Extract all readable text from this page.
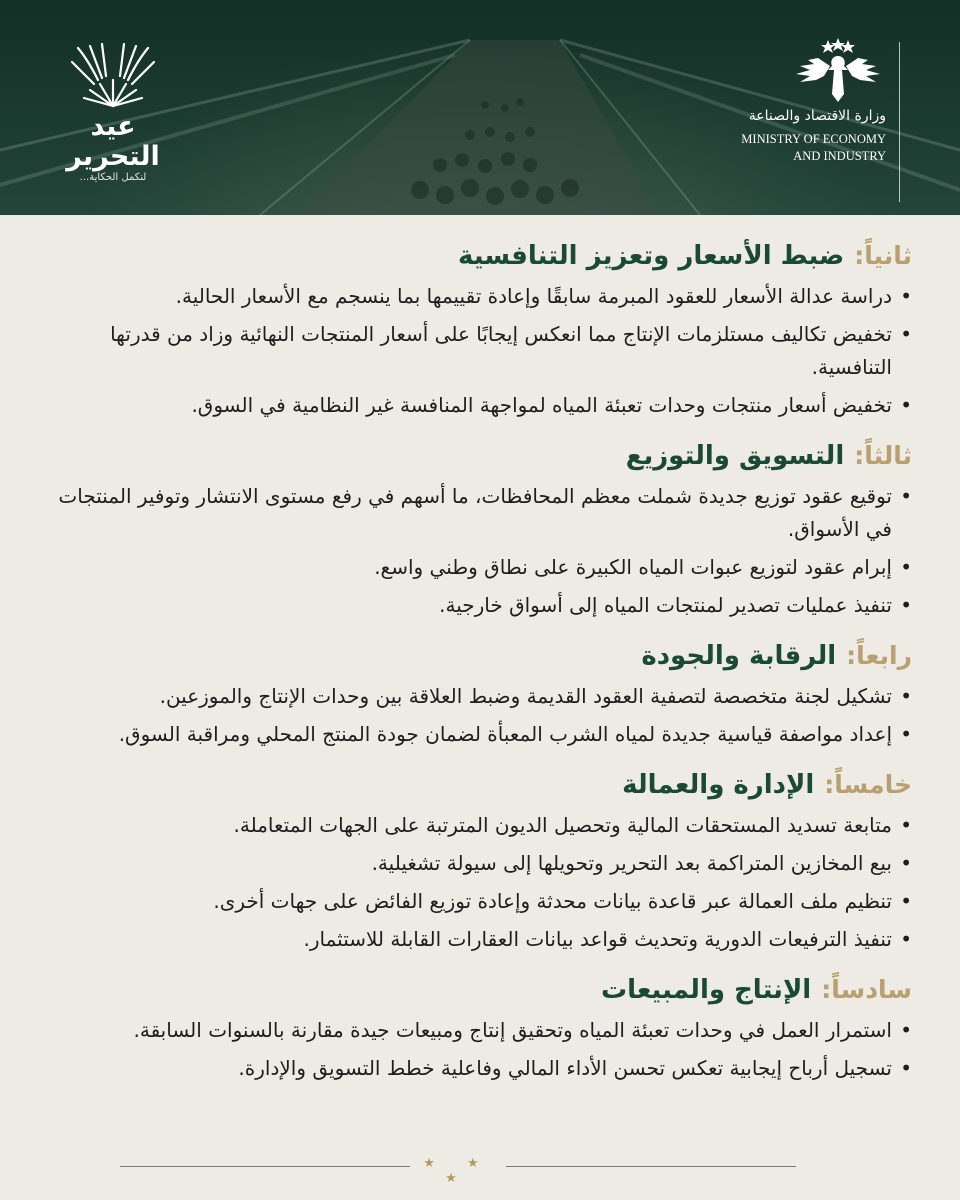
عيد التحرير
لنكمل الحكاية...
وزارة الاقتصاد والصناعة
MINISTRY OF ECONOMY
AND INDUSTRY
ثانياً:
ضبط الأسعار وتعزيز التنافسية
• دراسة عدالة الأسعار للعقود المبرمة سابقًا وإعادة تقييمها بما ينسجم مع الأسعار الحالية.
• تخفيض تكاليف مستلزمات الإنتاج مما انعكس إيجابًا على أسعار المنتجات النهائية وزاد من قدرتها التنافسية.
• تخفيض أسعار منتجات وحدات تعبئة المياه لمواجهة المنافسة غير النظامية في السوق.
ثالثاً:
التسويق والتوزيع
• توقيع عقود توزيع جديدة شملت معظم المحافظات، ما أسهم في رفع مستوى الانتشار وتوفير المنتجات في الأسواق.
• إبرام عقود لتوزيع عبوات المياه الكبيرة على نطاق وطني واسع.
• تنفيذ عمليات تصدير لمنتجات المياه إلى أسواق خارجية.
رابعاً:
الرقابة والجودة
• تشكيل لجنة متخصصة لتصفية العقود القديمة وضبط العلاقة بين وحدات الإنتاج والموزعين.
• إعداد مواصفة قياسية جديدة لمياه الشرب المعبأة لضمان جودة المنتج المحلي ومراقبة السوق.
خامساً:
الإدارة والعمالة
• متابعة تسديد المستحقات المالية وتحصيل الديون المترتبة على الجهات المتعاملة.
• بيع المخازين المتراكمة بعد التحرير وتحويلها إلى سيولة تشغيلية.
• تنظيم ملف العمالة عبر قاعدة بيانات محدثة وإعادة توزيع الفائض على جهات أخرى.
• تنفيذ الترفيعات الدورية وتحديث قواعد بيانات العقارات القابلة للاستثمار.
سادساً:
الإنتاج والمبيعات
• استمرار العمل في وحدات تعبئة المياه وتحقيق إنتاج ومبيعات جيدة مقارنة بالسنوات السابقة.
• تسجيل أرباح إيجابية تعكس تحسن الأداء المالي وفاعلية خطط التسويق والإدارة.
★ ★ ★
